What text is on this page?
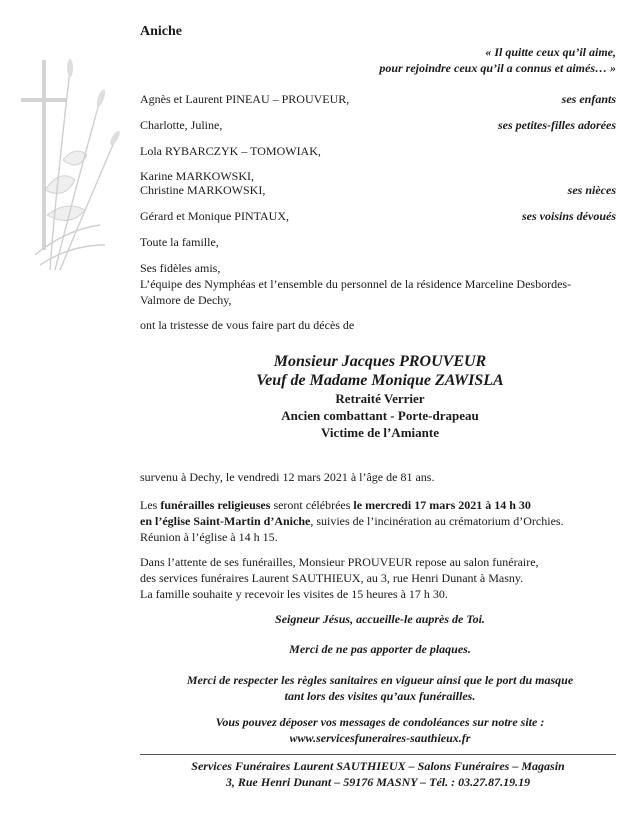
Aniche
« Il quitte ceux qu’il aime,
pour rejoindre ceux qu’il a connus et aimés… »
Agnès et Laurent PINEAU – PROUVEUR,	ses enfants
Charlotte, Juline,	ses petites-filles adorées
Lola RYBARCZYK – TOMOWIAK,
Karine MARKOWSKI,
Christine MARKOWSKI,	ses nièces
Gérard et Monique PINTAUX,	ses voisins dévoués
Toute la famille,
Ses fidèles amis,
L’équipe des Nymphéas et l’ensemble du personnel de la résidence Marceline Desbordes-
Valmore de Dechy,
ont la tristesse de vous faire part du décès de
Monsieur Jacques PROUVEUR
Veuf de Madame Monique ZAWISLA
Retraité Verrier
Ancien combattant - Porte-drapeau
Victime de l’Amiante
survenu à Dechy, le vendredi 12 mars 2021 à l’âge de 81 ans.
Les funérailles religieuses seront célébrées le mercredi 17 mars 2021 à 14 h 30
en l’église Saint-Martin d’Aniche, suivies de l’incinération au crématorium d’Orchies.
Réunion à l’église à 14 h 15.
Dans l’attente de ses funérailles, Monsieur PROUVEUR repose au salon funéraire,
des services funéraires Laurent SAUTHIEUX, au 3, rue Henri Dunant à Masny.
La famille souhaite y recevoir les visites de 15 heures à 17 h 30.
Seigneur Jésus, accueille-le auprès de Toi.
Merci de ne pas apporter de plaques.
Merci de respecter les règles sanitaires en vigueur ainsi que le port du masque
tant lors des visites qu’aux funérailles.
Vous pouvez déposer vos messages de condoléances sur notre site :
www.servicesfuneraires-sauthieux.fr
Services Funéraires Laurent SAUTHIEUX – Salons Funéraires – Magasin
3, Rue Henri Dunant – 59176 MASNY – Tél. : 03.27.87.19.19
